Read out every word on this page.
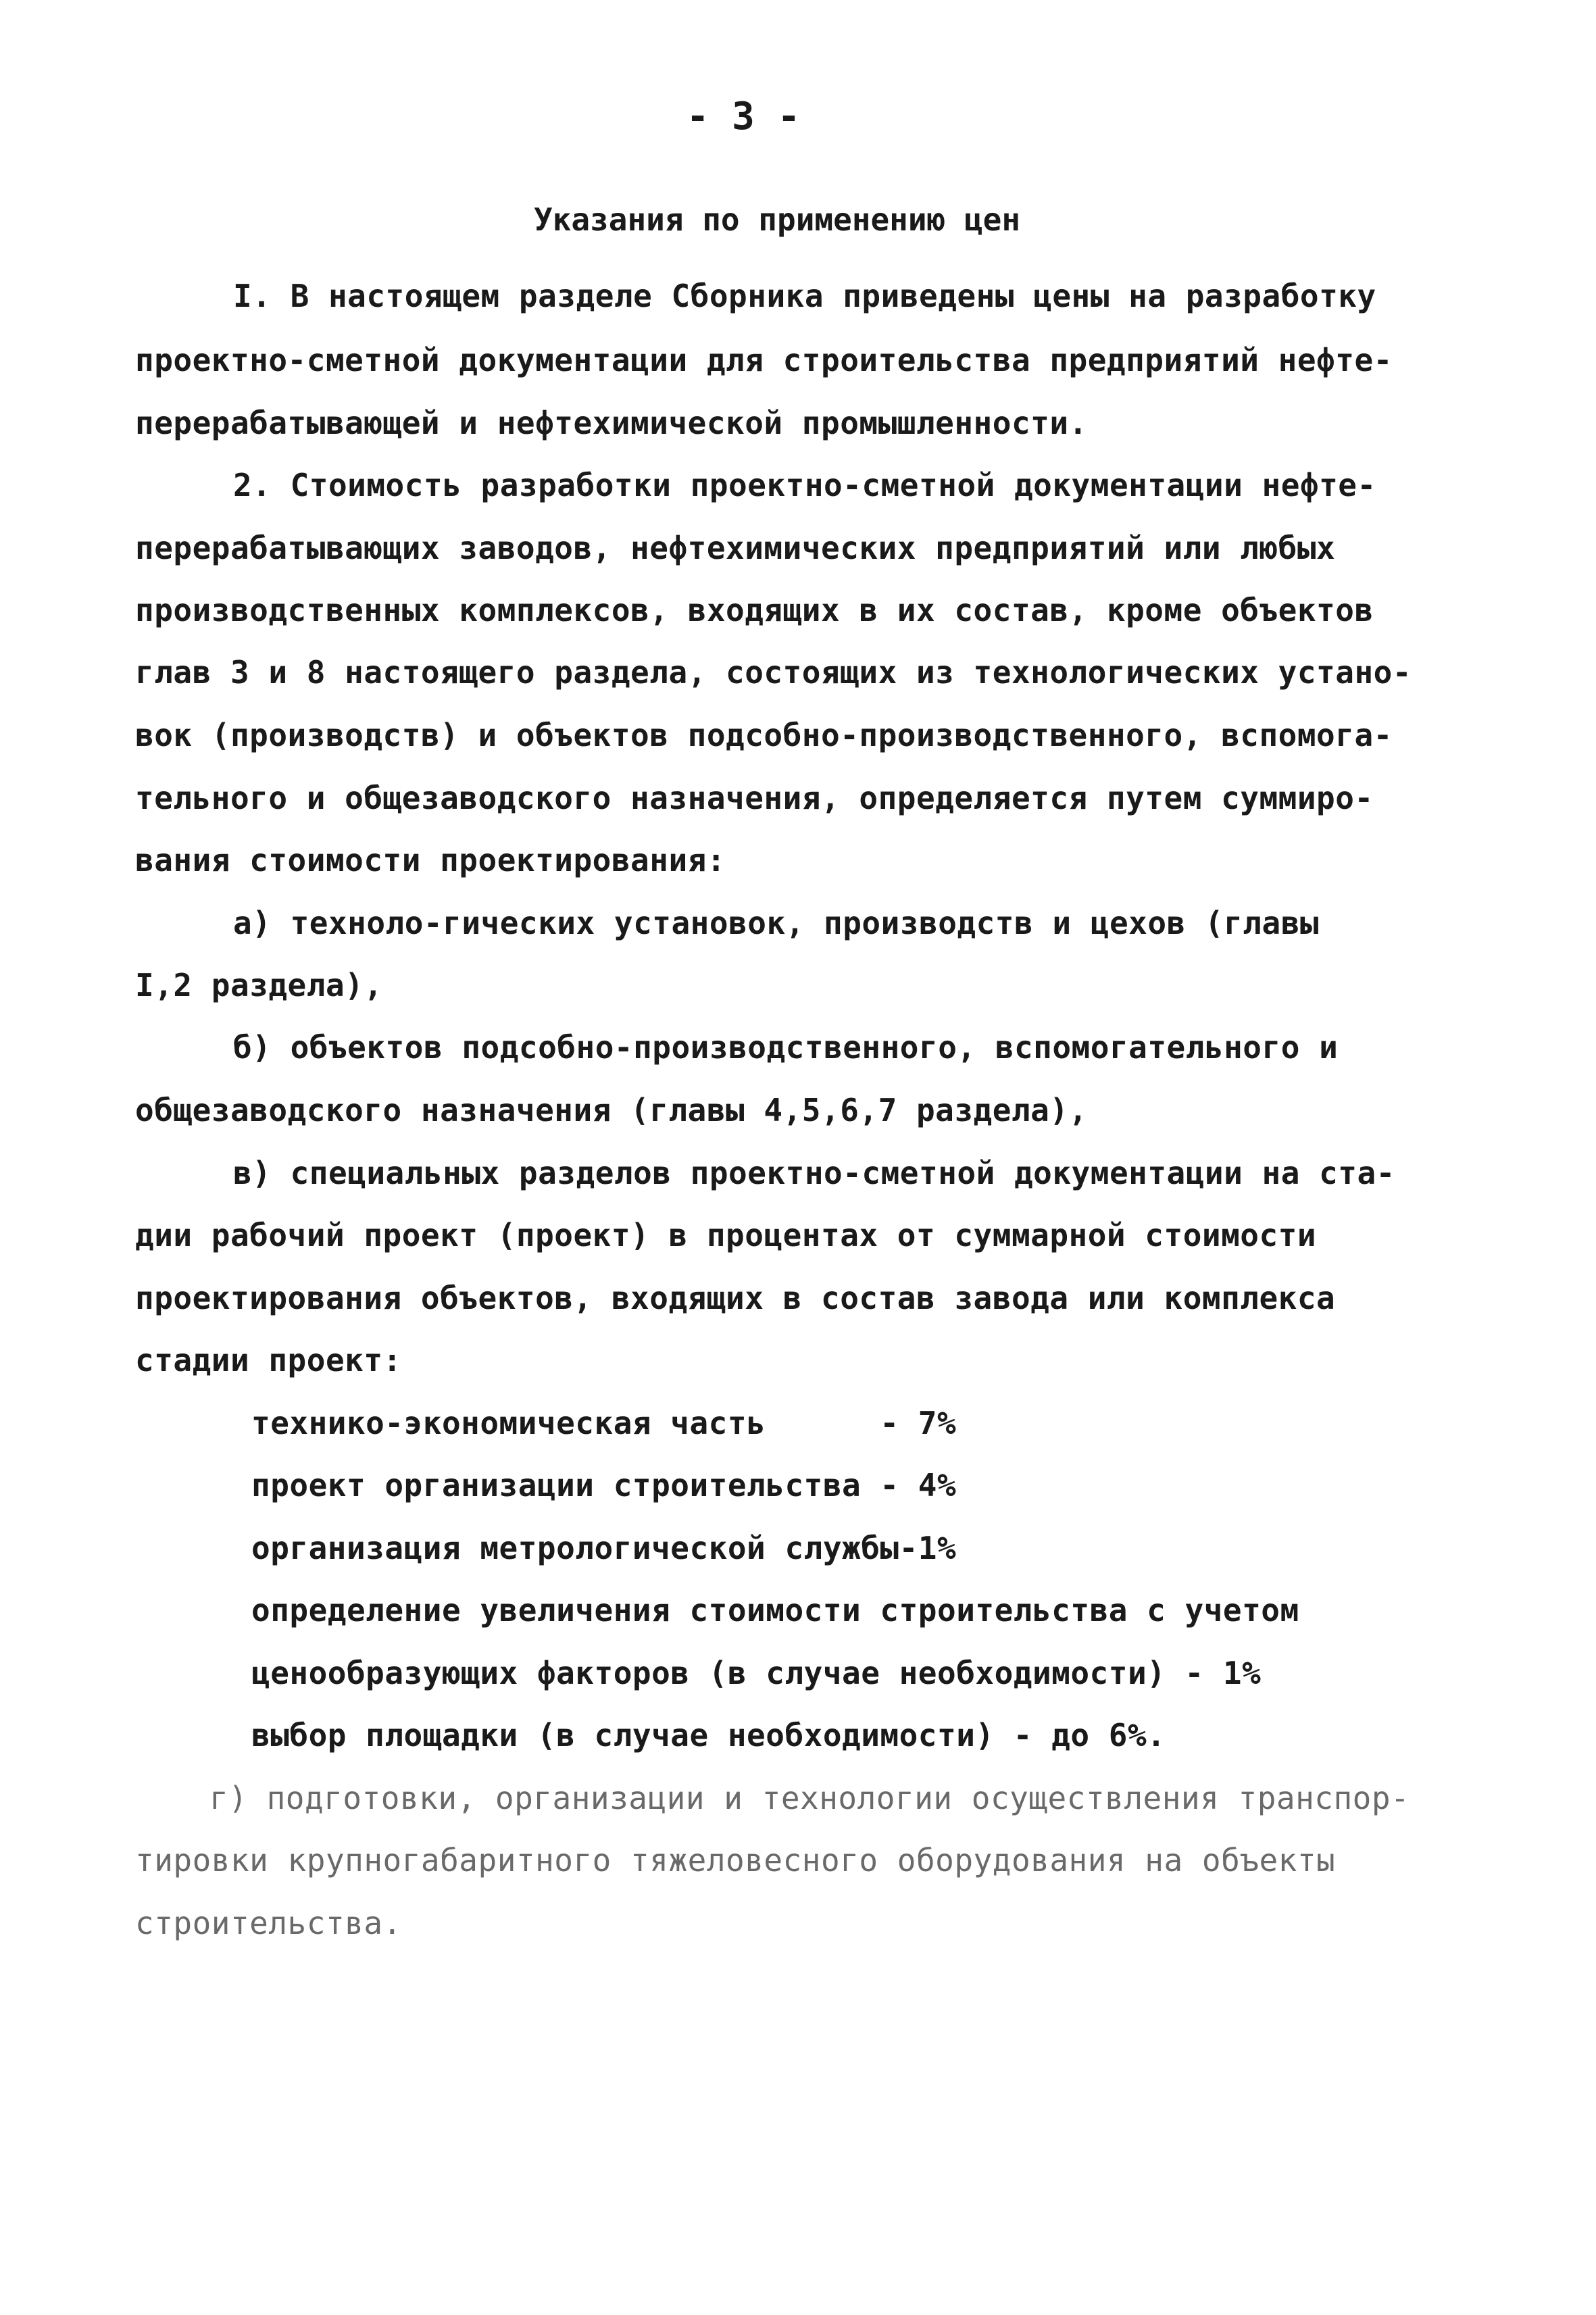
- 3 -
Указания по применению цен
I. В настоящем разделе Сборника приведены цены на разработку
проектно-сметной документации для строительства предприятий нефте-
перерабатывающей и нефтехимической промышленности.
2. Стоимость разработки проектно-сметной документации нефте-
перерабатывающих заводов, нефтехимических предприятий или любых
производственных комплексов, входящих в их состав, кроме объектов
глав 3 и 8 настоящего раздела, состоящих из технологических устано-
вок (производств) и объектов подсобно-производственного, вспомога-
тельного и общезаводского назначения, определяется путем суммиро-
вания стоимости проектирования:
а) техноло-гических установок, производств и цехов (главы
I,2 раздела),
б) объектов подсобно-производственного, вспомогательного и
общезаводского назначения (главы 4,5,6,7 раздела),
в) специальных разделов проектно-сметной документации на ста-
дии рабочий проект (проект) в процентах от суммарной стоимости
проектирования объектов, входящих в состав завода или комплекса
стадии проект:
технико-экономическая часть      - 7%
проект организации строительства - 4%
организация метрологической службы-1%
определение увеличения стоимости строительства с учетом
ценообразующих факторов (в случае необходимости) - 1%
выбор площадки (в случае необходимости) - до 6%.
г) подготовки, организации и технологии осуществления транспор-
тировки крупногабаритного тяжеловесного оборудования на объекты
строительства.
